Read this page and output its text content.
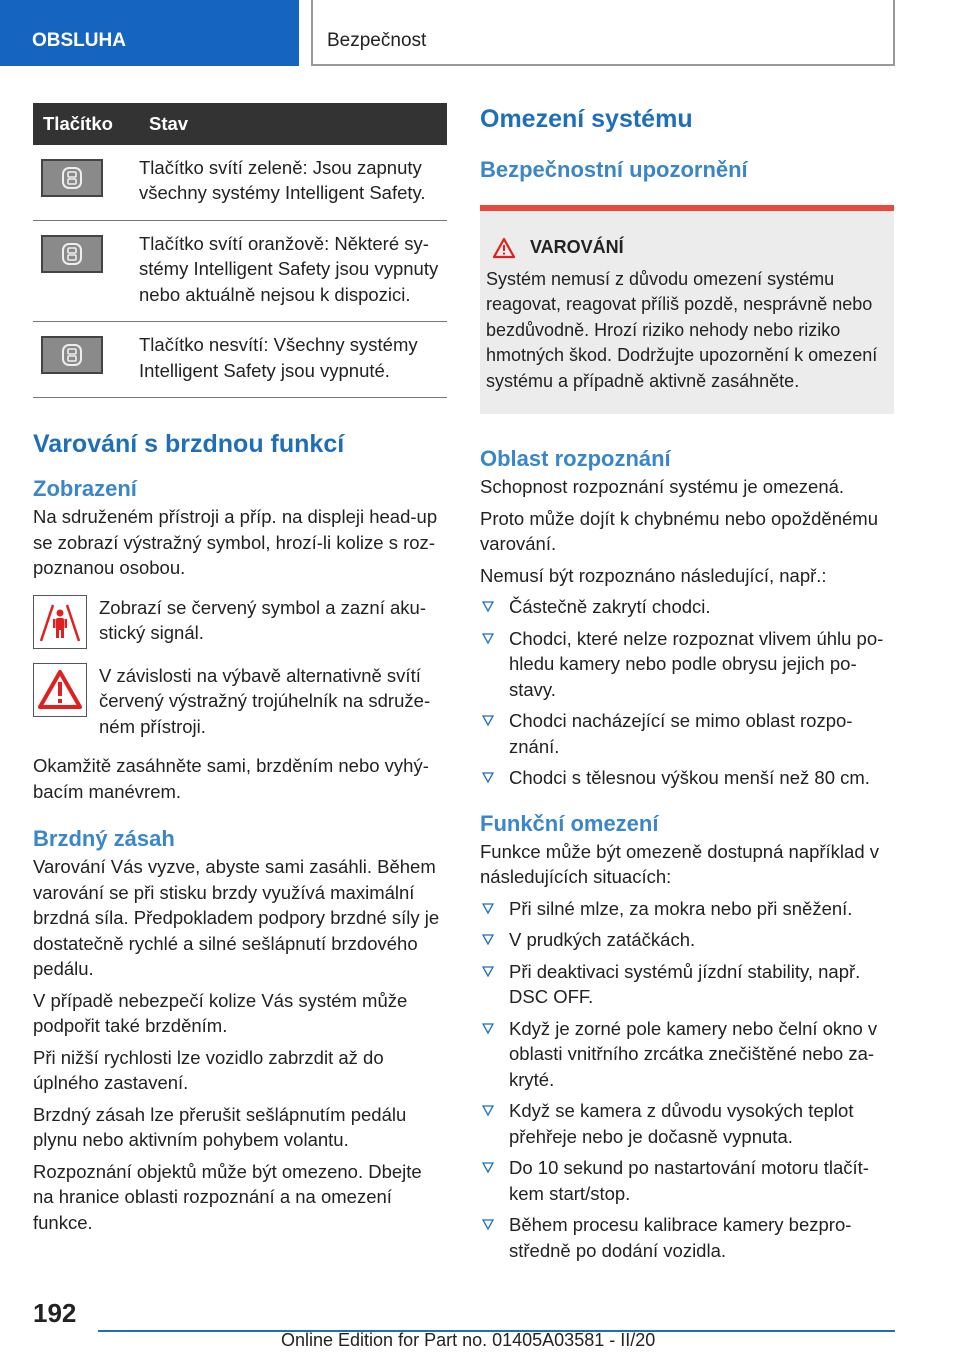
OBSLUHA	Bezpečnost
Tlačítko	Stav

	Tlačítko svítí zeleně: Jsou zapnuty všechny systémy Intelligent Safety.

	Tlačítko svítí oranžově: Některé systémy Intelligent Safety jsou vypnuty nebo aktuálně nejsou k dispozici.

	Tlačítko nesvítí: Všechny systémy Intelligent Safety jsou vypnuté.
Varování s brzdnou funkcí
Zobrazení

Na sdruženém přístroji a příp. na displeji head-up se zobrazí výstražný symbol, hrozí-li kolize s rozpoznanou osobou.

Zobrazí se červený symbol a zazní akustický signál.
V závislosti na výbavě alternativně svítí červený výstražný trojúhelník na sdruženém přístroji.

Okamžitě zasáhněte sami, brzděním nebo vyhýbacím manévrem.

Brzdný zásah

Varování Vás vyzve, abyste sami zasáhli. Během varování se při stisku brzdy využívá maximální brzdná síla. Předpokladem podpory brzdné síly je dostatečně rychlé a silné sešlápnutí brzdového pedálu.

V případě nebezpečí kolize Vás systém může podpořit také brzděním.

Při nižší rychlosti lze vozidlo zabrzdit až do úplného zastavení.

Brzdný zásah lze přerušit sešlápnutím pedálu plynu nebo aktivním pohybem volantu.

Rozpoznání objektů může být omezeno. Dbejte na hranice oblasti rozpoznání a na omezení funkce.

Omezení systému
Bezpečnostní upozornění
VAROVÁNÍ
Systém nemusí z důvodu omezení systému reagovat, reagovat příliš pozdě, nesprávně nebo bezdůvodně. Hrozí riziko nehody nebo riziko hmotných škod. Dodržujte upozornění k omezení systému a případně aktivně zasáhněte.
Oblast rozpoznání

Schopnost rozpoznání systému je omezená.

Proto může dojít k chybnému nebo opožděnému varování.

Nemusí být rozpoznáno následující, např.:

Částečně zakrytí chodci.
Chodci, které nelze rozpoznat vlivem úhlu pohledu kamery nebo podle obrysu jejich postavy.
Chodci nacházející se mimo oblast rozpoznání.
Chodci s tělesnou výškou menší než 80 cm.
Funkční omezení

Funkce může být omezeně dostupná například v následujících situacích:

Při silné mlze, za mokra nebo při sněžení.
V prudkých zatáčkách.
Při deaktivaci systémů jízdní stability, např. DSC OFF.
Když je zorné pole kamery nebo čelní okno v oblasti vnitřního zrcátka znečištěné nebo zakryté.
Když se kamera z důvodu vysokých teplot přehřeje nebo je dočasně vypnuta.
Do 10 sekund po nastartování motoru tlačítkem start/stop.
Během procesu kalibrace kamery bezprostředně po dodání vozidla.
192
Online Edition for Part no. 01405A03581 - II/20
